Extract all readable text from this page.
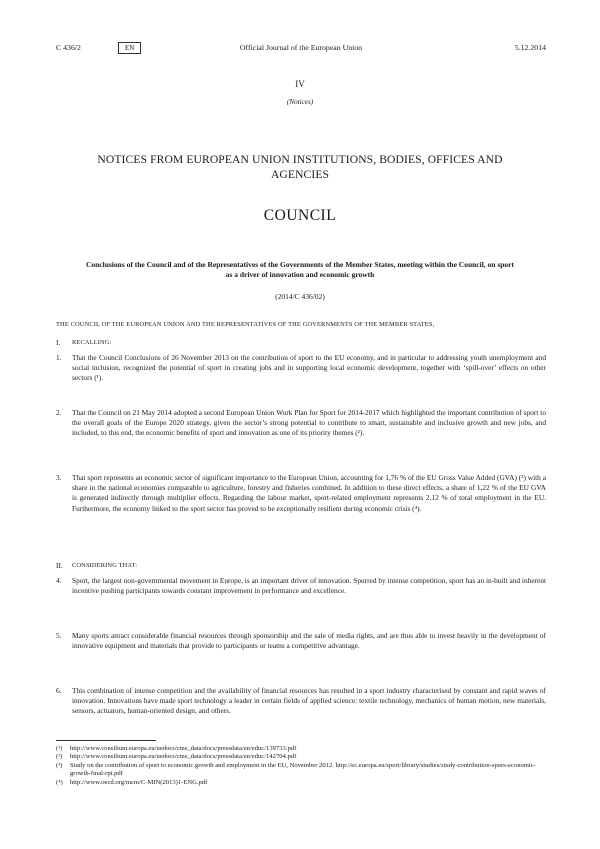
C 436/2	EN	Official Journal of the European Union	5.12.2014
IV
(Notices)
NOTICES FROM EUROPEAN UNION INSTITUTIONS, BODIES, OFFICES AND AGENCIES
COUNCIL
Conclusions of the Council and of the Representatives of the Governments of the Member States, meeting within the Council, on sport as a driver of innovation and economic growth
(2014/C 436/02)
THE COUNCIL OF THE EUROPEAN UNION AND THE REPRESENTATIVES OF THE GOVERNMENTS OF THE MEMBER STATES,
I. RECALLING:
1. That the Council Conclusions of 26 November 2013 on the contribution of sport to the EU economy, and in particular to addressing youth unemployment and social inclusion, recognized the potential of sport in creating jobs and in supporting local economic development, together with ‘spill-over’ effects on other sectors (¹).
2. That the Council on 21 May 2014 adopted a second European Union Work Plan for Sport for 2014-2017 which highlighted the important contribution of sport to the overall goals of the Europe 2020 strategy, given the sector’s strong potential to contribute to smart, sustainable and inclusive growth and new jobs, and included, to this end, the economic benefits of sport and innovation as one of its priority themes (²).
3. That sport represents an economic sector of significant importance to the European Union, accounting for 1,76 % of the EU Gross Value Added (GVA) (³) with a share in the national economies comparable to agriculture, forestry and fisheries combined. In addition to these direct effects, a share of 1,22 % of the EU GVA is generated indirectly through multiplier effects. Regarding the labour market, sport-related employment represents 2,12 % of total employment in the EU. Furthermore, the economy linked to the sport sector has proved to be exceptionally resilient during economic crisis (⁴).
II. CONSIDERING THAT:
4. Sport, the largest non-governmental movement in Europe, is an important driver of innovation. Spurred by intense competition, sport has an in-built and inherent incentive pushing participants towards constant improvement in performance and excellence.
5. Many sports attract considerable financial resources through sponsorship and the sale of media rights, and are thus able to invest heavily in the development of innovative equipment and materials that provide to participants or teams a competitive advantage.
6. This combination of intense competition and the availability of financial resources has resulted in a sport industry characterised by constant and rapid waves of innovation. Innovations have made sport technology a leader in certain fields of applied science: textile technology, mechanics of human motion, new materials, sensors, actuators, human-oriented design, and others.
(¹) http://www.consilium.europa.eu/uedocs/cms_data/docs/pressdata/en/educ/139733.pdf
(²) http://www.consilium.europa.eu/uedocs/cms_data/docs/pressdata/en/educ/142704.pdf
(³) Study on the contribution of sport to economic growth and employment in the EU, November 2012. http://ec.europa.eu/sport/library/studies/study-contribution-spors-economic-growth-final-rpt.pdf
(⁴) http://www.oecd.org/mcm/C-MIN(2013)1-ENG.pdf
